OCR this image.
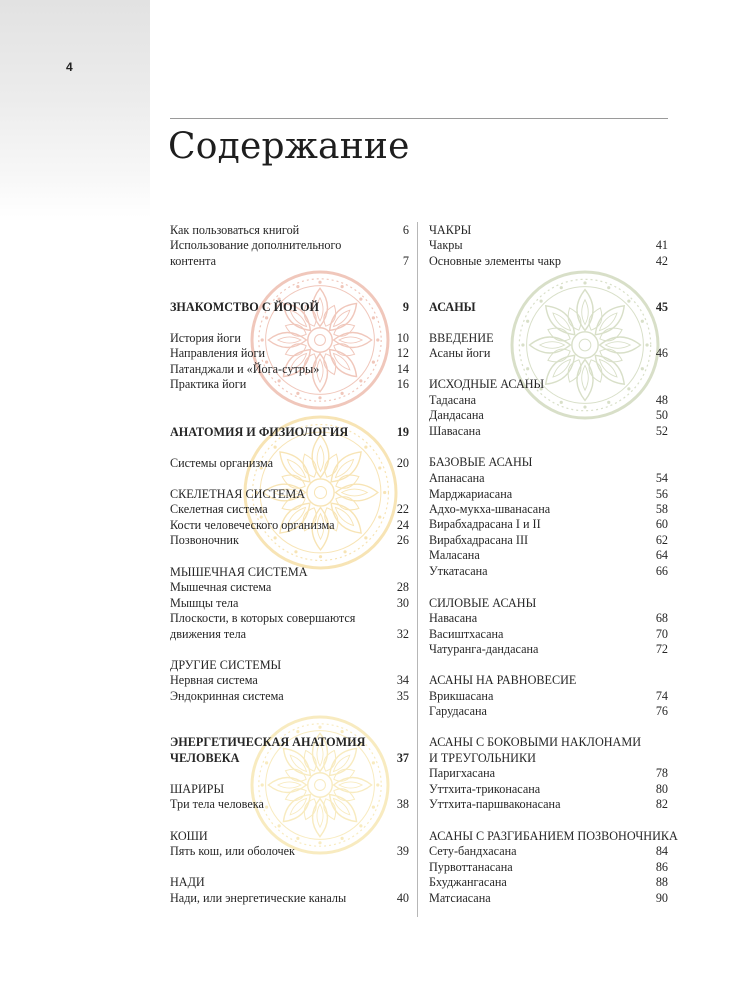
4
Содержание
Как пользоваться книгой	6
Использование дополнительного
контента	7
ЗНАКОМСТВО С ЙОГОЙ	9
История йоги	10
Направления йоги	12
Патанджали и «Йога-сутры»	14
Практика йоги	16
АНАТОМИЯ И ФИЗИОЛОГИЯ	19
Системы организма	20
СКЕЛЕТНАЯ СИСТЕМА
Скелетная система	22
Кости человеческого организма	24
Позвоночник	26
МЫШЕЧНАЯ СИСТЕМА
Мышечная система	28
Мышцы тела	30
Плоскости, в которых совершаются
движения тела	32
ДРУГИЕ СИСТЕМЫ
Нервная система	34
Эндокринная система	35
ЭНЕРГЕТИЧЕСКАЯ АНАТОМИЯ
ЧЕЛОВЕКА	37
ШАРИРЫ
Три тела человека	38
КОШИ
Пять кош, или оболочек	39
НАДИ
Нади, или энергетические каналы	40
ЧАКРЫ
Чакры	41
Основные элементы чакр	42
АСАНЫ	45
ВВЕДЕНИЕ
Асаны йоги	46
ИСХОДНЫЕ АСАНЫ
Тадасана	48
Дандасана	50
Шавасана	52
БАЗОВЫЕ АСАНЫ
Апанасана	54
Марджариасана	56
Адхо-мукха-шванасана	58
Вирабхадрасана I и II	60
Вирабхадрасана III	62
Маласана	64
Уткатасана	66
СИЛОВЫЕ АСАНЫ
Навасана	68
Васиштхасана	70
Чатуранга-дандасана	72
АСАНЫ НА РАВНОВЕСИЕ
Врикшасана	74
Гарудасана	76
АСАНЫ С БОКОВЫМИ НАКЛОНАМИ
И ТРЕУГОЛЬНИКИ
Паригхасана	78
Уттхита-триконасана	80
Уттхита-паршваконасана	82
АСАНЫ С РАЗГИБАНИЕМ ПОЗВОНОЧНИКА
Сету-бандхасана	84
Пурвоттанасана	86
Бхуджангасана	88
Матсиасана	90
